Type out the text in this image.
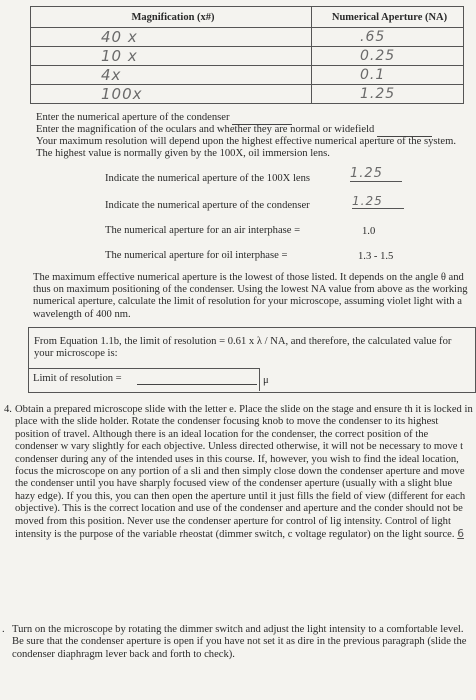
Magnification (x#)	Numerical Aperture (NA)
40 x	.65
10 x	0.25
4x	0.1
100x	1.25
Enter the numerical aperture of the condenser
Enter the magnification of the oculars and whether they are normal or widefield
Your maximum resolution will depend upon the highest effective numerical aperture of the system. The highest value is normally given by the 100X, oil immersion lens.
Indicate the numerical aperture of the 100X lens	1.25
Indicate the numerical aperture of the condenser	1.25
The numerical aperture for an air interphase =	1.0
The numerical aperture for oil interphase =	1.3 - 1.5
The maximum effective numerical aperture is the lowest of those listed. It depends on the angle θ and thus on maximum positioning of the condenser. Using the lowest NA value from above as the working numerical aperture, calculate the limit of resolution for your microscope, assuming violet light with a wavelength of 400 nm.
From Equation 1.1b, the limit of resolution = 0.61 x λ / NA, and therefore, the calculated value for your microscope is:
Limit of resolution =	μ
4. Obtain a prepared microscope slide with the letter e. Place the slide on the stage and ensure th it is locked in place with the slide holder. Rotate the condenser focusing knob to move the condenser to its highest position of travel. Although there is an ideal location for the condenser, the correct position of the condenser w vary slightly for each objective. Unless directed otherwise, it will not be necessary to move t condenser during any of the intended uses in this course. If, however, you wish to find the ideal location, focus the microscope on any portion of a sli and then simply close down the condenser aperture and move the condenser until you have sharply focused view of the condenser aperture (usually with a slight blue hazy edge). If you this, you can then open the aperture until it just fills the field of view (different for each objective). This is the correct location and use of the condenser and aperture and the conder should not be moved from this position. Never use the condenser aperture for control of lig intensity. Control of light intensity is the purpose of the variable rheostat (dimmer switch, c voltage regulator) on the light source. 6
. Turn on the microscope by rotating the dimmer switch and adjust the light intensity to a comfortable level. Be sure that the condenser aperture is open if you have not set it as dire in the previous paragraph (slide the condenser diaphragm lever back and forth to check).
